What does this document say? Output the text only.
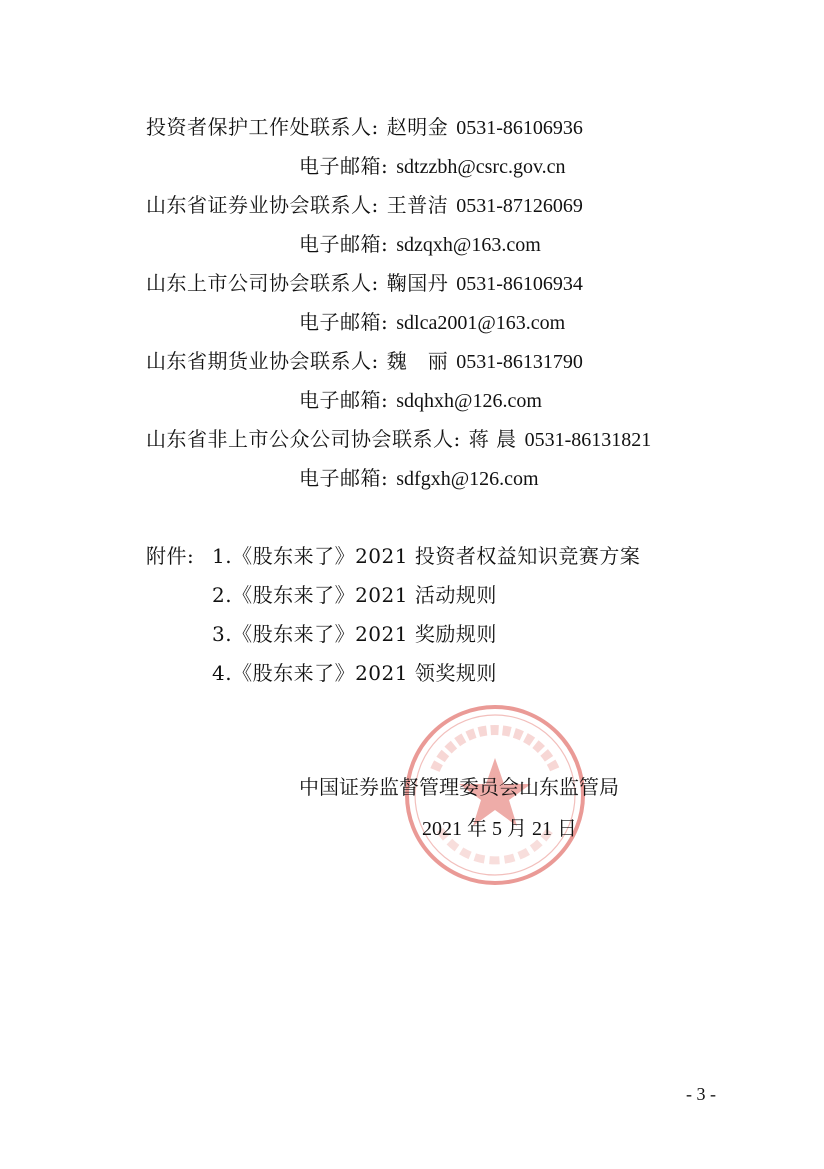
投资者保护工作处联系人: 赵明金 0531-86106936
电子邮箱: sdtzzbh@csrc.gov.cn
山东省证券业协会联系人: 王普洁 0531-87126069
电子邮箱: sdzqxh@163.com
山东上市公司协会联系人: 鞠国丹 0531-86106934
电子邮箱: sdlca2001@163.com
山东省期货业协会联系人: 魏　丽 0531-86131790
电子邮箱: sdqhxh@126.com
山东省非上市公众公司协会联系人: 蒋 晨 0531-86131821
电子邮箱: sdfgxh@126.com
附件: 1.《股东来了》2021 投资者权益知识竞赛方案
2.《股东来了》2021 活动规则
3.《股东来了》2021 奖励规则
4.《股东来了》2021 领奖规则
中国证券监督管理委员会山东监管局
2021 年 5 月 21 日
- 3 -
